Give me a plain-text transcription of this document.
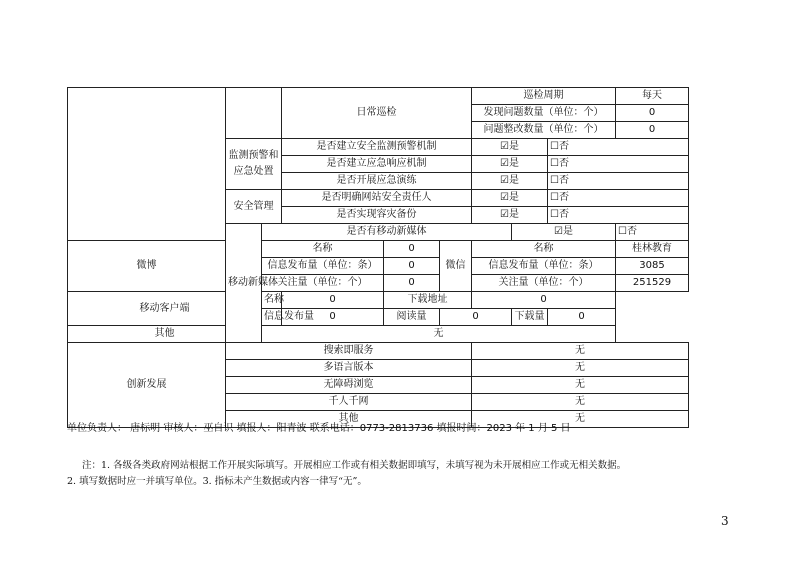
			日常巡检			巡检周期			每天
						发现问题数量（单位：个）			0
						问题整改数量（单位：个）			0
	监测预警和应急处置		是否建立安全监测预警机制			☑是		☐否	
			是否建立应急响应机制			☑是		☐否	
			是否开展应急演练			☑是		☐否	
	安全管理		是否明确网站安全责任人			☑是		☐否	
			是否实现容灾备份			☑是		☐否	
	移动新媒体	是否有移动新媒体					☑是		☐否
微博		名称		0	微信	名称			桂林教育
		信息发布量（单位：条）		0		信息发布量（单位：条）			3085
		关注量（单位：个）		0		关注量（单位：个）			251529
移动客户端		名称	0	下载地址		0			
		信息发布量	0	阅读量	0		下载量	0	
其他		无							
创新发展	搜索即服务					无			
	多语言版本					无			
	无障碍浏览					无			
	千人千网					无			
	其他					无			
单位负责人： 唐标明 审核人：巫自识 填报人：阳青波 联系电话：0773-2813736 填报时间：2023 年 1 月 5 日
注：1. 各级各类政府网站根据工作开展实际填写。开展相应工作或有相关数据即填写，未填写视为未开展相应工作或无相关数据。
2. 填写数据时应一并填写单位。3. 指标未产生数据或内容一律写“无”。
3
